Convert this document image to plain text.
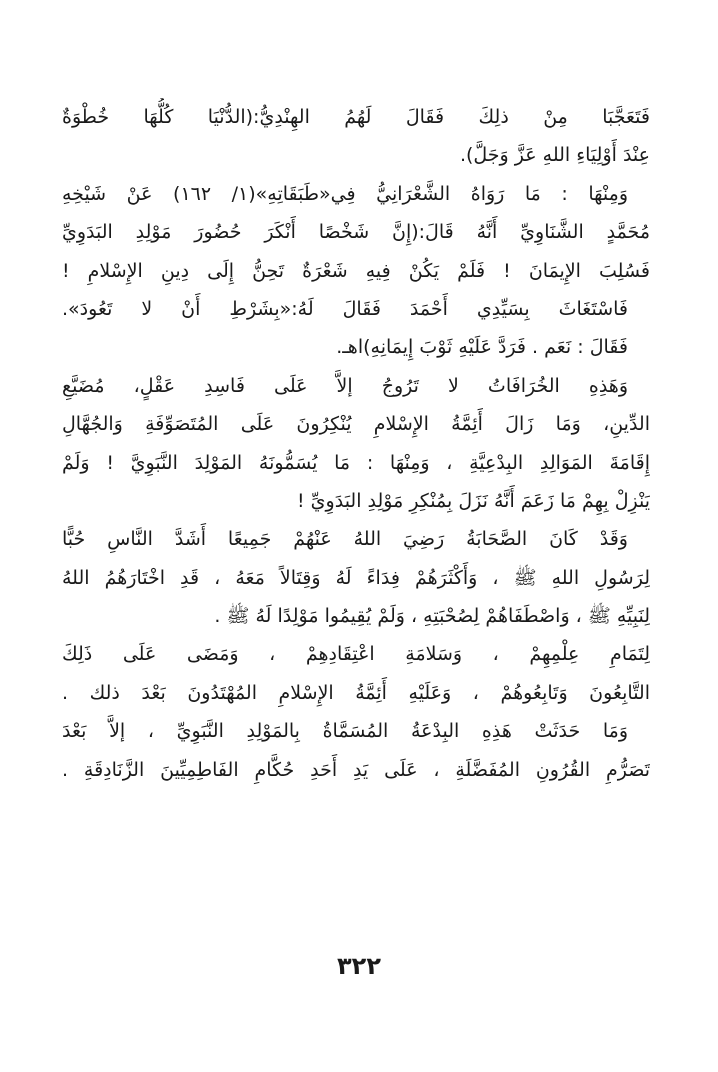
فَتَعَجَّبَا مِنْ ذلِكَ فَقَالَ لَهُمُ الهِنْدِيُّ:(الدُّنْيَا كُلُّهَا خُطْوَةٌ
عِنْدَ أَوْلِيَاءِ اللهِ عَزَّ وَجَلَّ).
وَمِنْهَا : مَا رَوَاهُ الشَّعْرَانِيُّ فِي«طَبَقَاتِهِ»(١/ ١٦٢) عَنْ شَيْخِهِ
مُحَمَّدٍ الشَّنَاوِيِّ أَنَّهُ قَالَ:(إِنَّ شَخْصًا أَنْكَرَ حُضُورَ مَوْلِدِ البَدَوِيِّ
فَسُلِبَ الإِيمَانَ ! فَلَمْ يَكُنْ فِيهِ شَعْرَةٌ تَحِنُّ إِلَى دِينِ الإِسْلامِ !
فَاسْتَغَاثَ بِسَيِّدِي أَحْمَدَ فَقَالَ لَهُ:«بِشَرْطِ أَنْ لا تَعُودَ».
فَقَالَ : نَعَم . فَرَدَّ عَلَيْهِ ثَوْبَ إِيمَانِهِ)اهـ.
وَهَذِهِ الخُرَافَاتُ لا تَرُوجُ إلاَّ عَلَى فَاسِدِ عَقْلٍ، مُضَيَّعِ
الدِّينِ، وَمَا زَالَ أَئِمَّةُ الإِسْلامِ يُنْكِرُونَ عَلَى المُتَصَوِّفَةِ وَالجُهَّالِ
إِقَامَةَ المَوَالِدِ البِدْعِيَّةِ ، وَمِنْهَا : مَا يُسَمُّونَهُ المَوْلِدَ النَّبَوِيَّ ! وَلَمْ
يَنْزِلْ بِهِمْ مَا زَعَمَ أَنَّهُ نَزَلَ بِمُنْكِرِ مَوْلِدِ البَدَوِيِّ !
وَقَدْ كَانَ الصَّحَابَةُ رَضِيَ اللهُ عَنْهُمْ جَمِيعًا أَشَدَّ النَّاسِ حُبًّا
لِرَسُولِ اللهِ ﷺ ، وَأَكْثَرَهُمْ فِدَاءً لَهُ وَقِتَالاً مَعَهُ ، قَدِ اخْتَارَهُمُ اللهُ
لِنَبِيِّهِ ﷺ ، وَاصْطَفَاهُمْ لِصُحْبَتِهِ ، وَلَمْ يُقِيمُوا مَوْلِدًا لَهُ ﷺ .
لِتَمَامِ عِلْمِهِمْ ، وَسَلامَةِ اعْتِقَادِهِمْ ، وَمَضَى عَلَى ذَلِكَ
التَّابِعُونَ وَتَابِعُوهُمْ ، وَعَلَيْهِ أَئِمَّةُ الإِسْلامِ المُهْتَدُونَ بَعْدَ ذلك .
وَمَا حَدَثَتْ هَذِهِ البِدْعَةُ المُسَمَّاةُ بِالمَوْلِدِ النَّبَوِيِّ ، إلاَّ بَعْدَ
تَصَرُّمِ القُرُونِ المُفَضَّلَةِ ، عَلَى يَدِ أَحَدِ حُكَّامِ الفَاطِمِيِّينَ الزَّنَادِقَةِ .
٣٢٢
